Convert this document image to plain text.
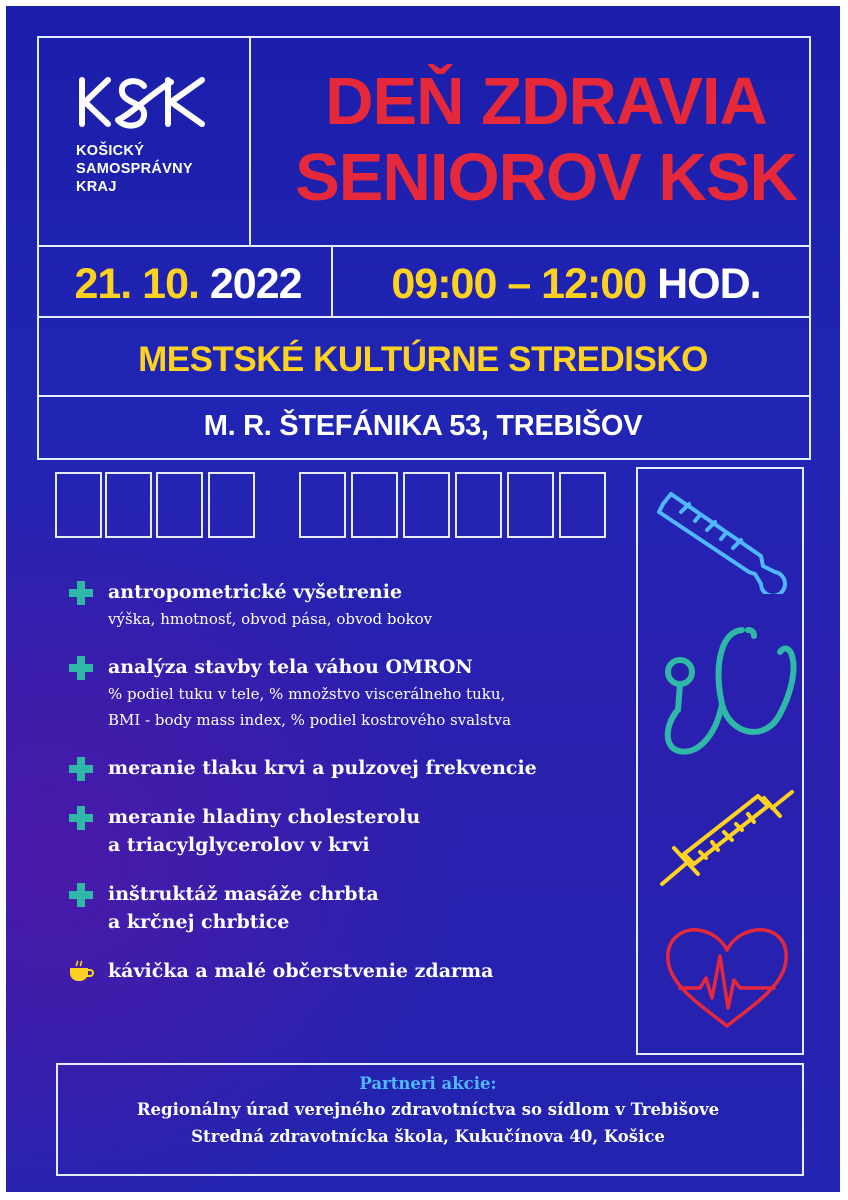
KOŠICKÝ
SAMOSPRÁVNY
KRAJ
DEŇ ZDRAVIA
SENIOROV KSK
21. 10. 2022	09:00 – 12:00 HOD.
MESTSKÉ KULTÚRNE STREDISKO
M. R. ŠTEFÁNIKA 53, TREBIŠOV
antropometrické vyšetrenie
výška, hmotnosť, obvod pása, obvod bokov
analýza stavby tela váhou OMRON
% podiel tuku v tele, % množstvo viscerálneho tuku,
BMI - body mass index, % podiel kostrového svalstva
meranie tlaku krvi a pulzovej frekvencie
meranie hladiny cholesterolu
a triacylglycerolov v krvi
inštruktáž masáže chrbta
a krčnej chrbtice
kávička a malé občerstvenie zdarma
Partneri akcie:
Regionálny úrad verejného zdravotníctva so sídlom v Trebišove
Stredná zdravotnícka škola, Kukučínova 40, Košice
